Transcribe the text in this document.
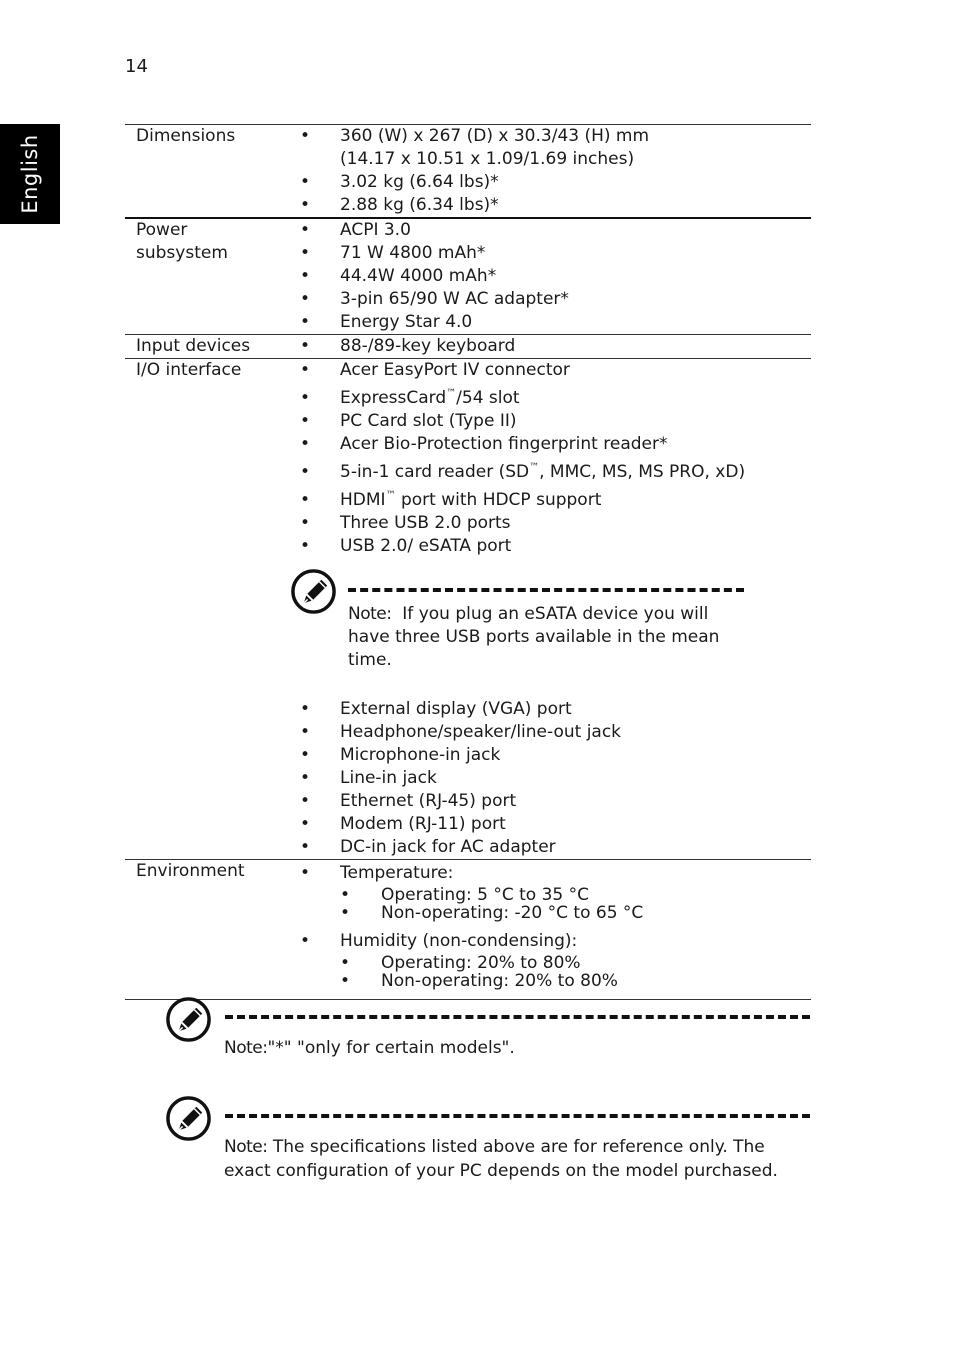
14
English	Dimensions	• 360 (W) x 267 (D) x 30.3/43 (H) mm
(14.17 x 10.51 x 1.09/1.69 inches)
• 3.02 kg (6.64 lbs)*
• 2.88 kg (6.34 lbs)*
Power subsystem
• ACPI 3.0
• 71 W 4800 mAh*
• 44.4W 4000 mAh*
• 3-pin 65/90 W AC adapter*
• Energy Star 4.0
Input devices	• 88-/89-key keyboard
I/O interface	• Acer EasyPort IV connector
• ExpressCard™/54 slot
• PC Card slot (Type II)
• Acer Bio-Protection fingerprint reader*
• 5-in-1 card reader (SD™, MMC, MS, MS PRO, xD)
• HDMI™ port with HDCP support
• Three USB 2.0 ports
• USB 2.0/ eSATA port
Note: If you plug an eSATA device you will have three USB ports available in the mean time.
• External display (VGA) port
• Headphone/speaker/line-out jack
• Microphone-in jack
• Line-in jack
• Ethernet (RJ-45) port
• Modem (RJ-11) port
• DC-in jack for AC adapter
Environment	• Temperature:
• Operating: 5 °C to 35 °C
• Non-operating: -20 °C to 65 °C
• Humidity (non-condensing):
• Operating: 20% to 80%
• Non-operating: 20% to 80%
Note:"*" "only for certain models".
Note: The specifications listed above are for reference only. The exact configuration of your PC depends on the model purchased.
